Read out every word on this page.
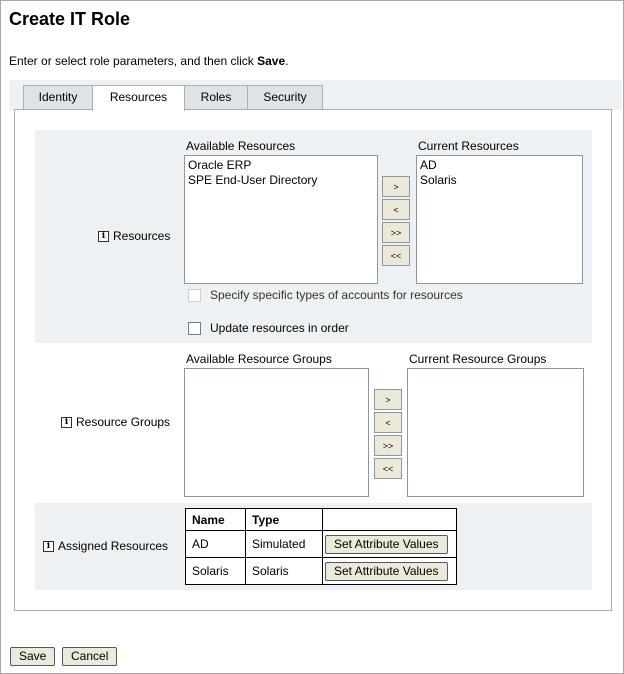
Create IT Role
Enter or select role parameters, and then click Save.
Identity	Resources	Roles	Security
i Resources
Available Resources
Oracle ERP
SPE End-User Directory	>
<
>>
<<
Current Resources
AD
Solaris
Specify specific types of accounts for resources
Update resources in order
i Resource Groups
Available Resource Groups
>
<
>>
<<
Current Resource Groups
i Assigned Resources
Name	Type	
AD	Simulated	Set Attribute Values
Solaris	Solaris	Set Attribute Values
Save	Cancel
